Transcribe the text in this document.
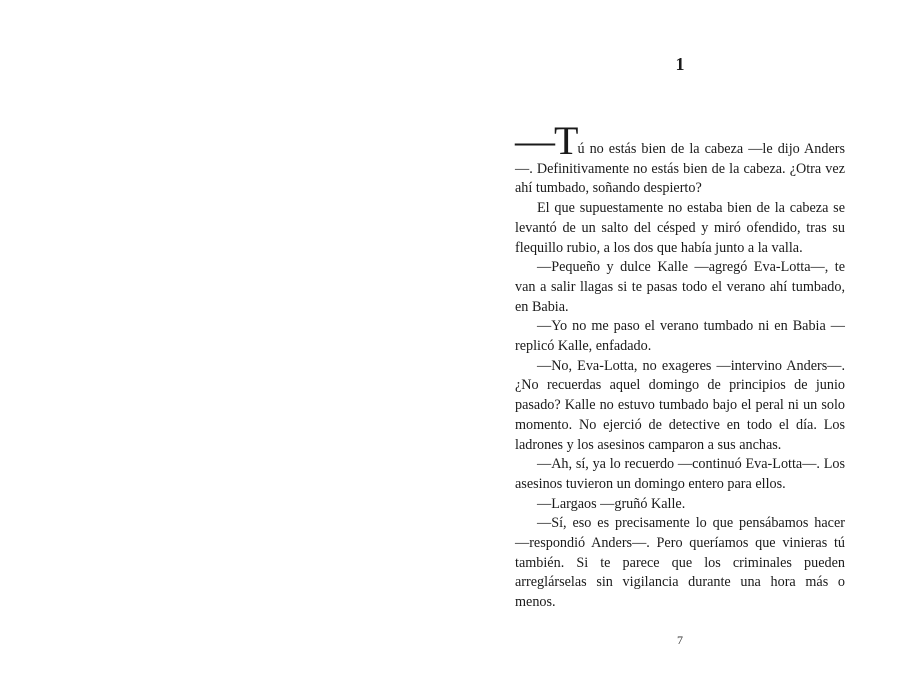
1

—Tú no estás bien de la cabeza —le dijo Anders—. Definitivamente no estás bien de la cabeza. ¿Otra vez ahí tumbado, soñando despierto?

El que supuestamente no estaba bien de la cabeza se levantó de un salto del césped y miró ofendido, tras su flequillo rubio, a los dos que había junto a la valla.

—Pequeño y dulce Kalle —agregó Eva-Lotta—, te van a salir llagas si te pasas todo el verano ahí tumbado, en Babia.

—Yo no me paso el verano tumbado ni en Babia —replicó Kalle, enfadado.

—No, Eva-Lotta, no exageres —intervino Anders—. ¿No recuerdas aquel domingo de principios de junio pasado? Kalle no estuvo tumbado bajo el peral ni un solo momento. No ejerció de detective en todo el día. Los ladrones y los asesinos camparon a sus anchas.

—Ah, sí, ya lo recuerdo —continuó Eva-Lotta—. Los asesinos tuvieron un domingo entero para ellos.

—Largaos —gruñó Kalle.

—Sí, eso es precisamente lo que pensábamos hacer —respondió Anders—. Pero queríamos que vinieras tú también. Si te parece que los criminales pueden arreglárselas sin vigilancia durante una hora más o menos.

7
